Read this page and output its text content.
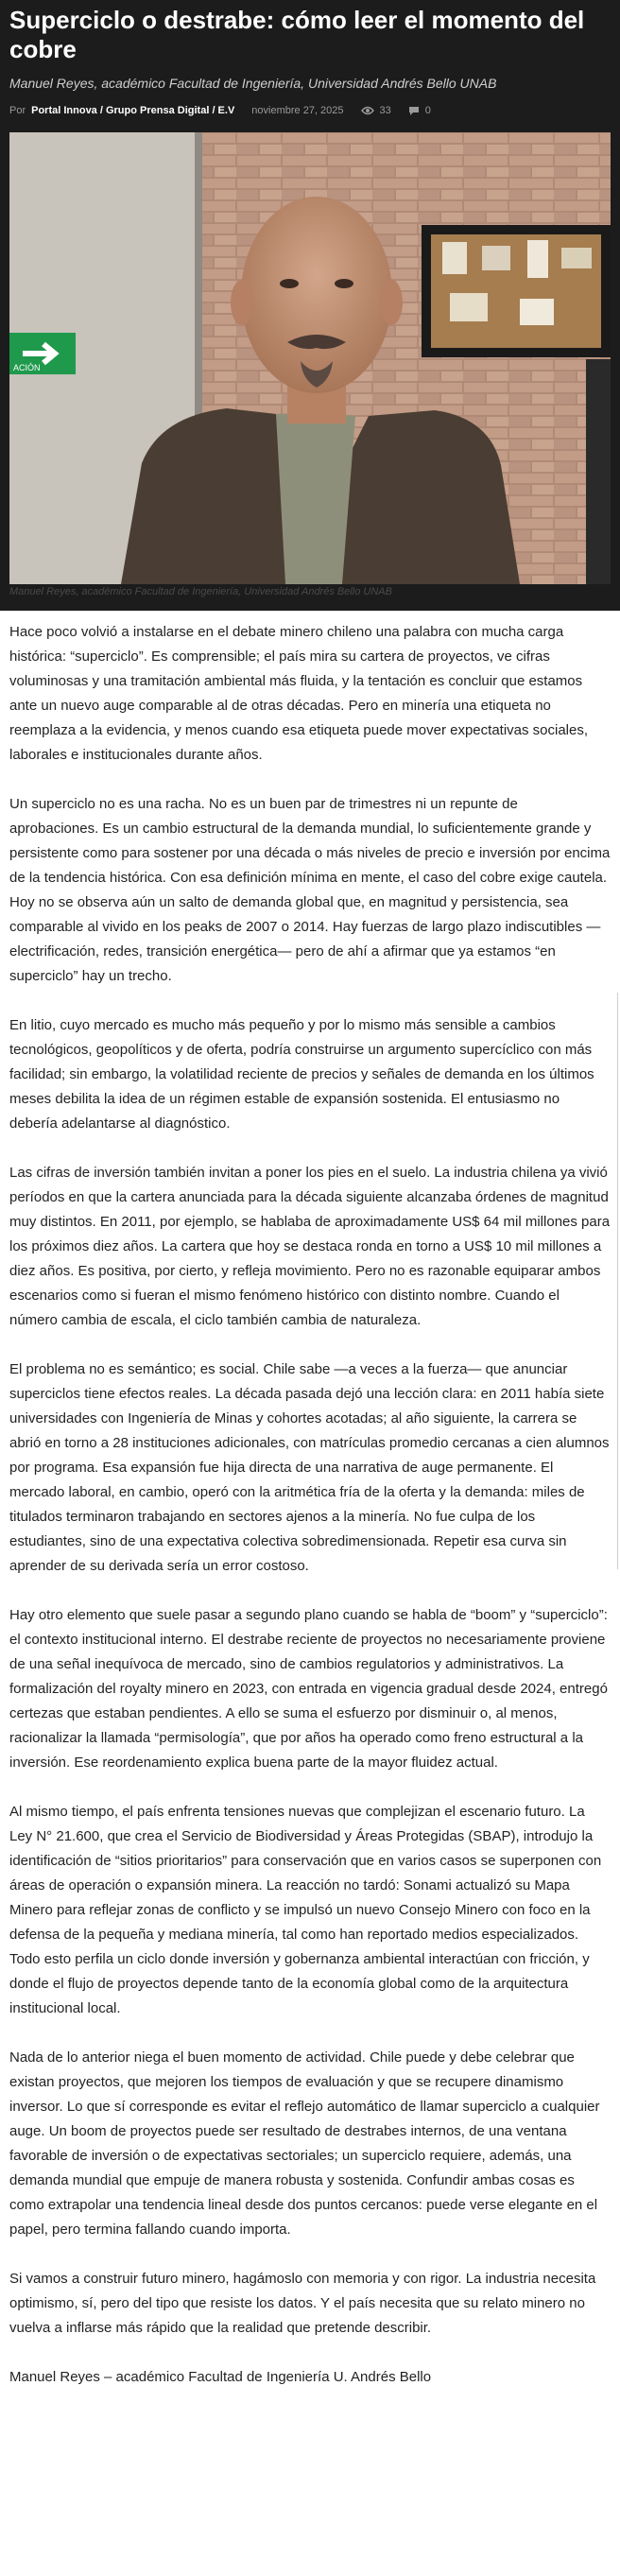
Superciclo o destrabe: cómo leer el momento del cobre
Manuel Reyes, académico Facultad de Ingeniería, Universidad Andrés Bello UNAB
Por Portal Innova / Grupo Prensa Digital / E.V noviembre 27, 2025	33	0
ACIÓN
Manuel Reyes, académico Facultad de Ingeniería, Universidad Andrés Bello UNAB

Hace poco volvió a instalarse en el debate minero chileno una palabra con mucha carga histórica: “superciclo”. Es comprensible; el país mira su cartera de proyectos, ve cifras voluminosas y una tramitación ambiental más fluida, y la tentación es concluir que estamos ante un nuevo auge comparable al de otras décadas. Pero en minería una etiqueta no reemplaza a la evidencia, y menos cuando esa etiqueta puede mover expectativas sociales, laborales e institucionales durante años.

Un superciclo no es una racha. No es un buen par de trimestres ni un repunte de aprobaciones. Es un cambio estructural de la demanda mundial, lo suficientemente grande y persistente como para sostener por una década o más niveles de precio e inversión por encima de la tendencia histórica. Con esa definición mínima en mente, el caso del cobre exige cautela. Hoy no se observa aún un salto de demanda global que, en magnitud y persistencia, sea comparable al vivido en los peaks de 2007 o 2014. Hay fuerzas de largo plazo indiscutibles —electrificación, redes, transición energética— pero de ahí a afirmar que ya estamos “en superciclo” hay un trecho.

En litio, cuyo mercado es mucho más pequeño y por lo mismo más sensible a cambios tecnológicos, geopolíticos y de oferta, podría construirse un argumento supercíclico con más facilidad; sin embargo, la volatilidad reciente de precios y señales de demanda en los últimos meses debilita la idea de un régimen estable de expansión sostenida. El entusiasmo no debería adelantarse al diagnóstico.

Las cifras de inversión también invitan a poner los pies en el suelo. La industria chilena ya vivió períodos en que la cartera anunciada para la década siguiente alcanzaba órdenes de magnitud muy distintos. En 2011, por ejemplo, se hablaba de aproximadamente US$ 64 mil millones para los próximos diez años. La cartera que hoy se destaca ronda en torno a US$ 10 mil millones a diez años. Es positiva, por cierto, y refleja movimiento. Pero no es razonable equiparar ambos escenarios como si fueran el mismo fenómeno histórico con distinto nombre. Cuando el número cambia de escala, el ciclo también cambia de naturaleza.

El problema no es semántico; es social. Chile sabe —a veces a la fuerza— que anunciar superciclos tiene efectos reales. La década pasada dejó una lección clara: en 2011 había siete universidades con Ingeniería de Minas y cohortes acotadas; al año siguiente, la carrera se abrió en torno a 28 instituciones adicionales, con matrículas promedio cercanas a cien alumnos por programa. Esa expansión fue hija directa de una narrativa de auge permanente. El mercado laboral, en cambio, operó con la aritmética fría de la oferta y la demanda: miles de titulados terminaron trabajando en sectores ajenos a la minería. No fue culpa de los estudiantes, sino de una expectativa colectiva sobredimensionada. Repetir esa curva sin aprender de su derivada sería un error costoso.

Hay otro elemento que suele pasar a segundo plano cuando se habla de “boom” y “superciclo”: el contexto institucional interno. El destrabe reciente de proyectos no necesariamente proviene de una señal inequívoca de mercado, sino de cambios regulatorios y administrativos. La formalización del royalty minero en 2023, con entrada en vigencia gradual desde 2024, entregó certezas que estaban pendientes. A ello se suma el esfuerzo por disminuir o, al menos, racionalizar la llamada “permisología”, que por años ha operado como freno estructural a la inversión. Ese reordenamiento explica buena parte de la mayor fluidez actual.

Al mismo tiempo, el país enfrenta tensiones nuevas que complejizan el escenario futuro. La Ley N° 21.600, que crea el Servicio de Biodiversidad y Áreas Protegidas (SBAP), introdujo la identificación de “sitios prioritarios” para conservación que en varios casos se superponen con áreas de operación o expansión minera. La reacción no tardó: Sonami actualizó su Mapa Minero para reflejar zonas de conflicto y se impulsó un nuevo Consejo Minero con foco en la defensa de la pequeña y mediana minería, tal como han reportado medios especializados. Todo esto perfila un ciclo donde inversión y gobernanza ambiental interactúan con fricción, y donde el flujo de proyectos depende tanto de la economía global como de la arquitectura institucional local.

Nada de lo anterior niega el buen momento de actividad. Chile puede y debe celebrar que existan proyectos, que mejoren los tiempos de evaluación y que se recupere dinamismo inversor. Lo que sí corresponde es evitar el reflejo automático de llamar superciclo a cualquier auge. Un boom de proyectos puede ser resultado de destrabes internos, de una ventana favorable de inversión o de expectativas sectoriales; un superciclo requiere, además, una demanda mundial que empuje de manera robusta y sostenida. Confundir ambas cosas es como extrapolar una tendencia lineal desde dos puntos cercanos: puede verse elegante en el papel, pero termina fallando cuando importa.

Si vamos a construir futuro minero, hagámoslo con memoria y con rigor. La industria necesita optimismo, sí, pero del tipo que resiste los datos. Y el país necesita que su relato minero no vuelva a inflarse más rápido que la realidad que pretende describir.

Manuel Reyes – académico Facultad de Ingeniería U. Andrés Bello
